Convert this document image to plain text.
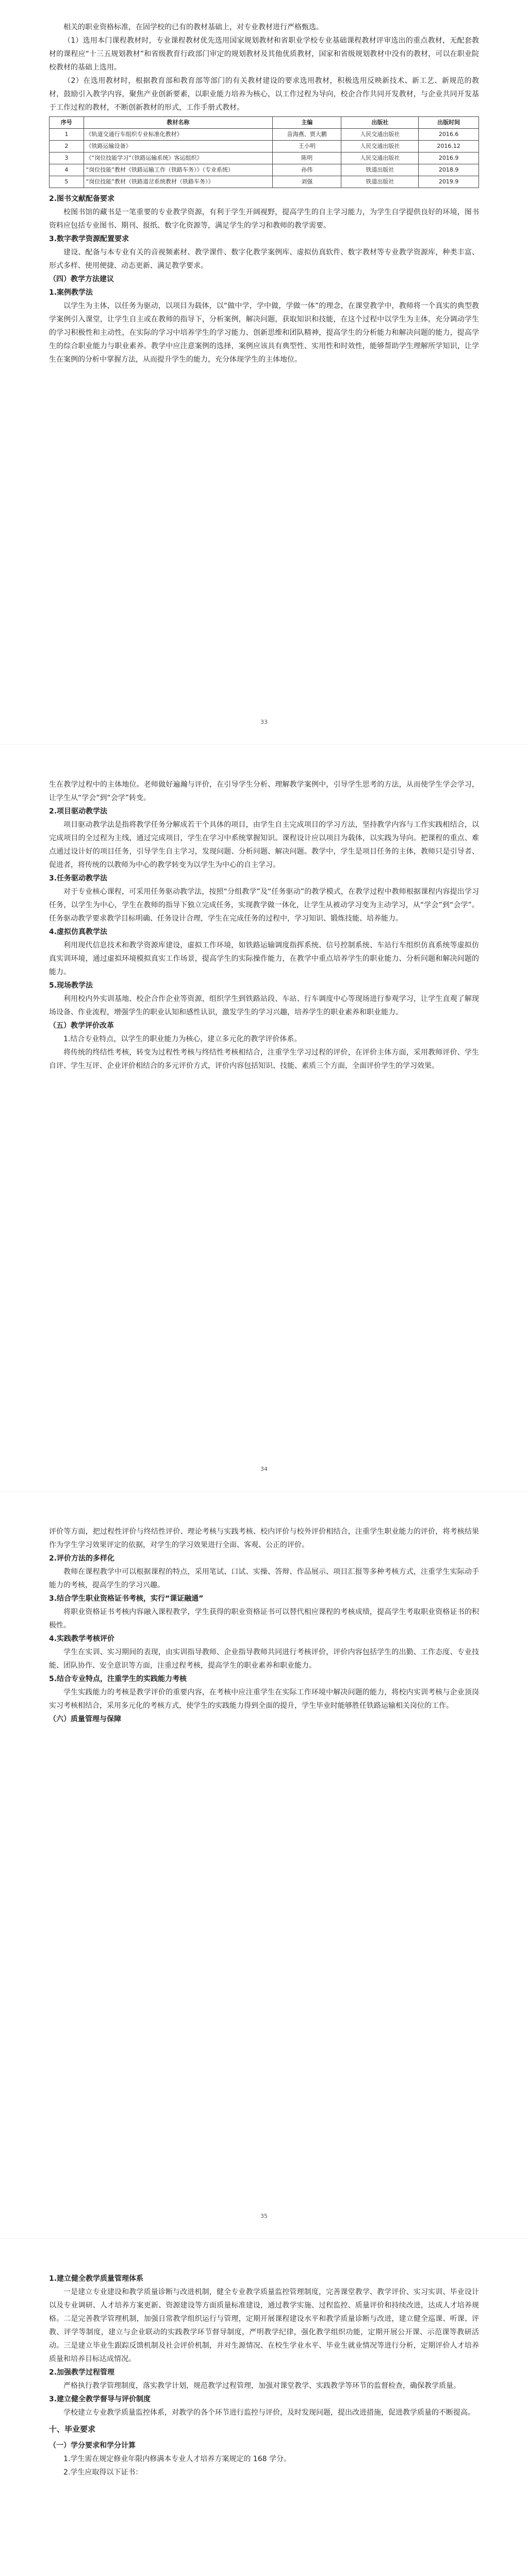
相关的职业资格标准，在固学校的已有的教材基础上，对专业教材进行严格甄选。

（1）选用本门课程教材时，专业课程教材优先选用国家规划教材和省职业学校专业基础课程教材评审选出的重点教材，无配套教材的课程应“十三五规划教材”和省级教育行政部门审定的规划教材及其他优质教材，国家和省级规划教材中没有的教材，可以在职业院校教材的基础上选用。

（2）在选用教材时，根据教育部和教育部等部门的有关教材建设的要求选用教材，积极选用反映新技术、新工艺、新规范的教材，鼓励引入教学内容，聚焦产业创新要素，以职业能力培养为核心，以工作过程为导向，校企合作共同开发教材，与企业共同开发基于工作过程的教材，不断创新教材的形式，工作手册式教材。

序号	教材名称	主编	出版社	出版时间
1	《轨道交通行车组织专业标准化教材》	苗海燕、贾大鹏	人民交通出版社	2016.6
2	《铁路运输设备》	王小明	人民交通出版社	2016.12
3	《“岗位技能学习”（铁路运输系统》客运组织》	陈明	人民交通出版社	2016.9
4	“岗位技能”教材《铁路运输工作（铁路车务）》（专业系统）	孙伟	铁道出版社	2018.9
5	“岗位技能”教材（铁路道岔系统教材（铁路车务）》	刘强	铁道出版社	2019.9
2.图书文献配备要求

校图书馆的藏书是一笔重要的专业教学资源，有利于学生开阔视野，提高学生的自主学习能力，为学生自学提供良好的环境，图书资料应包括专业图书、期刊、报纸、数字化资源等，满足学生的学习和教师的教学需要。

3.数字教学资源配置要求

建设、配备与本专业有关的音视频素材、教学课件、数字化教学案例库、虚拟仿真软件、数字教材等专业教学资源库，种类丰富、形式多样、使用便捷、动态更新、满足教学要求。

（四）教学方法建议
1.案例教学法

以学生为主体，以任务为驱动，以项目为载体，以“做中学，学中做，学做一体”的理念，在课堂教学中，教师将一个真实的典型教学案例引入课堂，让学生自主或在教师的指导下，分析案例，解决问题，获取知识和技能，在这个过程中以学生为主体，充分调动学生的学习积极性和主动性，在实际的学习中培养学生的学习能力、创新思维和团队精神，提高学生的分析能力和解决问题的能力，提高学生的综合职业能力与职业素养。教学中应注意案例的选择，案例应该具有典型性、实用性和时效性，能够帮助学生理解所学知识，让学生在案例的分析中掌握方法，从而提升学生的能力，充分体现学生的主体地位。

33

生在教学过程中的主体地位。老师做好遍瀚与评价，在引导学生分析、理解教学案例中，引导学生思考的方法，从而使学生学会学习，让学生从“学会”到“会学”转变。

2.项目驱动教学法

项目驱动教学法是指将教学任务分解成若干个具体的项目，由学生自主完成项目的学习方法，坚持教学内容与工作实践相结合，以完成项目的全过程为主线，通过完成项目，学生在学习中系统掌握知识。课程设计应以项目为载体，以实践为导向。把课程的重点、难点通过设计好的项目任务，引导学生自主学习，发现问题、分析问题、解决问题。教学中，学生是项目任务的主体，教师只是引导者、促进者，将传统的以教师为中心的教学转变为以学生为中心的自主学习。

3.任务驱动教学法

对于专业核心课程，可采用任务驱动教学法，按照“分组教学”及“任务驱动”的教学模式，在教学过程中教师根据课程内容提出学习任务，以学生为中心，学生在教师的指导下独立完成任务，实现教学做一体化，让学生从被动学习变为主动学习，从“学会”到“会学”。任务驱动教学要求教学目标明确、任务设计合理，学生在完成任务的过程中，学习知识、锻炼技能、培养能力。

4.虚拟仿真教学法

利用现代信息技术和教学资源库建设，虚拟工作环境，如铁路运输调度指挥系统、信号控制系统、车站行车组织仿真系统等虚拟仿真实训环境，通过虚拟环境模拟真实工作场景，提高学生的实际操作能力，在教学中重点培养学生的职业能力、分析问题和解决问题的能力。

5.现场教学法

利用校内外实训基地、校企合作企业等资源，组织学生到铁路站段、车站、行车调度中心等现场进行参观学习，让学生直观了解现场设备、作业流程，增强学生的职业认知和感性认识，激发学生的学习兴趣，培养学生的职业素养和职业能力。

（五）教学评价改革

1.结合专业特点，以学生的职业能力为核心，建立多元化的教学评价体系。

将传统的终结性考核，转变为过程性考核与终结性考核相结合，注重学生学习过程的评价，在评价主体方面，采用教师评价、学生自评、学生互评、企业评价相结合的多元评价方式，评价内容包括知识、技能、素质三个方面，全面评价学生的学习效果。

34

评价等方面，把过程性评价与终结性评价、理论考核与实践考核、校内评价与校外评价相结合，注重学生职业能力的评价，将考核结果作为学生学习效果评定的依据，对学生的学习效果进行全面、客观、公正的评价。

2.评价方法的多样化

教师在课程教学中可以根据课程的特点，采用笔试、口试、实操、答辩、作品展示、项目汇报等多种考核方式，注重学生实际动手能力的考核，提高学生的学习兴趣。

3.结合学生职业资格证书考核，实行“课证融通”

将职业资格证书考核内容融入课程教学，学生获得的职业资格证书可以替代相应课程的考核成绩，提高学生考取职业资格证书的积极性。

4.实践教学考核评价

学生在实训、实习期间的表现，由实训指导教师、企业指导教师共同进行考核评价，评价内容包括学生的出勤、工作态度、专业技能、团队协作、安全意识等方面，注重过程考核，提高学生的职业素养和职业能力。

5.结合专业特点，注重学生的实践能力考核

学生实践能力的考核是教学评价的重要内容，在考核中应注重学生在实际工作环境中解决问题的能力，将校内实训考核与企业顶岗实习考核相结合，采用多元化的考核方式，使学生的实践能力得到全面的提升，学生毕业时能够胜任铁路运输相关岗位的工作。

（六）质量管理与保障
35
1.建立健全教学质量管理体系

一是建立专业建设和教学质量诊断与改进机制，健全专业教学质量监控管理制度，完善课堂教学、教学评价、实习实训、毕业设计以及专业调研、人才培养方案更新、资源建设等方面质量标准建设，通过教学实施、过程监控、质量评价和持续改进，达成人才培养规格。二是完善教学管理机制，加强日常教学组织运行与管理，定期开展课程建设水平和教学质量诊断与改进，建立健全巡课、听课、评教、评学等制度，建立与企业联动的实践教学环节督导制度，严明教学纪律，强化教学组织功能，定期开展公开课、示范课等教研活动。三是建立毕业生跟踪反馈机制及社会评价机制，并对生源情况、在校生学业水平、毕业生就业情况等进行分析，定期评价人才培养质量和培养目标达成情况。

2.加强教学过程管理

严格执行教学管理制度，落实教学计划，规范教学过程管理，加强对课堂教学、实践教学等环节的监督检查，确保教学质量。

3.建立健全教学督导与评价制度

学校建立专业教学质量监控体系，对教学的各个环节进行监控与评价，及时发现问题，提出改进措施，促进教学质量的不断提高。

十、毕业要求
（一）学分要求和学分计算

1.学生需在规定修业年限内修满本专业人才培养方案规定的 168 学分。

2.学生应取得以下证书：
